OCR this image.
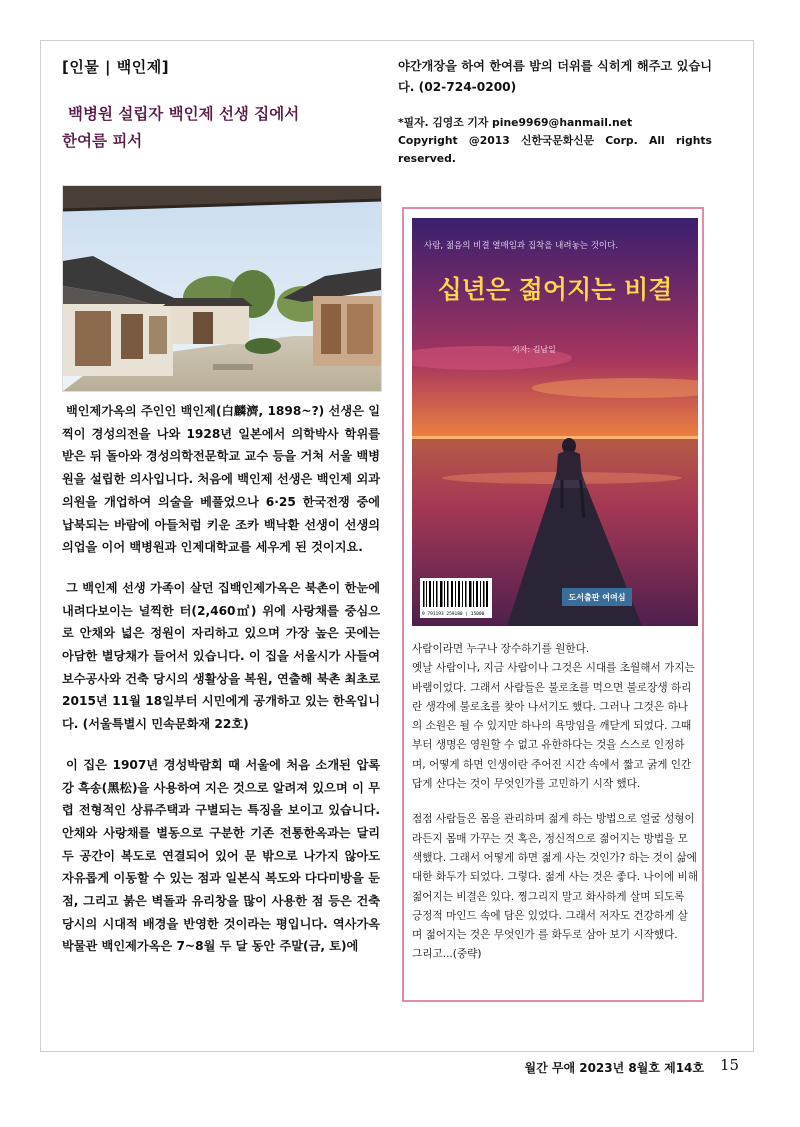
[인물 | 백인제]
백병원 설립자 백인제 선생 집에서
한여름 피서

백인제가옥의 주인인 백인제(白麟濟, 1898~?) 선생은 일찍이 경성의전을 나와 1928년 일본에서 의학박사 학위를 받은 뒤 돌아와 경성의학전문학교 교수 등을 거쳐 서울 백병원을 설립한 의사입니다. 처음에 백인제 선생은 백인제 외과의원을 개업하여 의술을 베풀었으나 6·25 한국전쟁 중에 납북되는 바람에 아들처럼 키운 조카 백낙환 선생이 선생의 의업을 이어 백병원과 인제대학교를 세우게 된 것이지요.

그 백인제 선생 가족이 살던 집백인제가옥은 북촌이 한눈에 내려다보이는 널찍한 터(2,460㎡) 위에 사랑채를 중심으로 안채와 넓은 정원이 자리하고 있으며 가장 높은 곳에는 아담한 별당채가 들어서 있습니다. 이 집을 서울시가 사들여 보수공사와 건축 당시의 생활상을 복원, 연출해 북촌 최초로 2015년 11월 18일부터 시민에게 공개하고 있는 한옥입니다. (서울특별시 민속문화재 22호)

이 집은 1907년 경성박람회 때 서울에 처음 소개된 압록강 흑송(黑松)을 사용하여 지은 것으로 알려져 있으며 이 무렵 전형적인 상류주택과 구별되는 특징을 보이고 있습니다. 안채와 사랑채를 별동으로 구분한 기존 전통한옥과는 달리 두 공간이 복도로 연결되어 있어 문 밖으로 나가지 않아도 자유롭게 이동할 수 있는 점과 일본식 복도와 다다미방을 둔 점, 그리고 붉은 벽돌과 유리창을 많이 사용한 점 등은 건축 당시의 시대적 배경을 반영한 것이라는 평입니다. 역사가옥박물관 백인제가옥은 7~8월 두 달 동안 주말(금, 토)에

야간개장을 하여 한여름 밤의 더위를 식히게 해주고 있습니다. (02-724-0200)

*필자. 김영조 기자 pine9969@hanmail.net
Copyright @2013 신한국문화신문 Corp. All rights reserved.
사람, 젊음의 비결 열매임과 집착을 내려놓는 것이다.
십년은 젊어지는 비결
지자: 김남일
9 791193 259180 | 15000
도서출판 여여심

사람이라면 누구나 장수하기를 원한다.

옛날 사람이나, 지금 사람이나 그것은 시대를 초월해서 가지는 바램이었다. 그래서 사람들은 불로초를 먹으면 불로장생 하리란 생각에 불로초를 찾아 나서기도 했다. 그러나 그것은 하나의 소원은 될 수 있지만 하나의 욕망임을 깨닫게 되었다. 그때부터 생명은 영원할 수 없고 유한하다는 것을 스스로 인정하며, 어떻게 하면 인생이란 주어진 시간 속에서 짧고 굵게 인간답게 산다는 것이 무엇인가를 고민하기 시작 했다.

점점 사람들은 몸을 관리하며 젊게 하는 방법으로 얼굴 성형이라든지 몸매 가꾸는 것 혹은, 정신적으로 젊어지는 방법을 모색했다. 그래서 어떻게 하면 젊게 사는 것인가? 하는 것이 삶에 대한 화두가 되었다. 그렇다. 젊게 사는 것은 좋다. 나이에 비해 젊어지는 비결은 있다. 찡그리지 말고 화사하게 살며 되도록 긍정적 마인드 속에 담은 있었다. 그래서 저자도 건강하게 살며 젊어지는 것은 무엇인가 를 화두로 삼아 보기 시작했다.

그리고...(중략)

월간 무애 2023년 8월호 제14호 15
